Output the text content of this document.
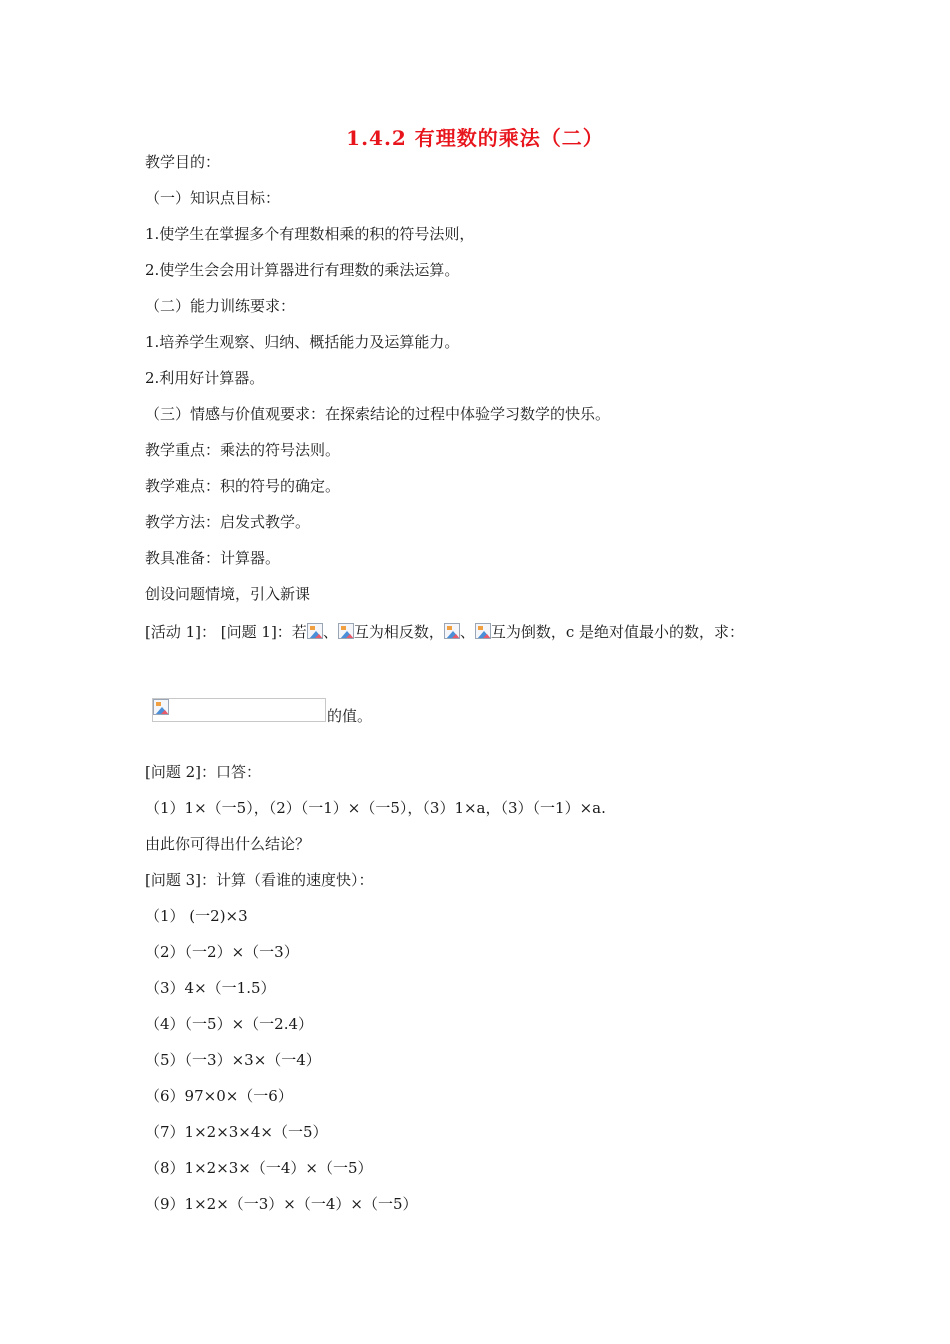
1.4.2 有理数的乘法（二）
教学目的：
（一）知识点目标：
1.使学生在掌握多个有理数相乘的积的符号法则，
2.使学生会会用计算器进行有理数的乘法运算。
（二）能力训练要求：
1.培养学生观察、归纳、概括能力及运算能力。
2.利用好计算器。
（三）情感与价值观要求：在探索结论的过程中体验学习数学的快乐。
教学重点：乘法的符号法则。
教学难点：积的符号的确定。
教学方法：启发式教学。
教具准备：计算器。
创设问题情境，引入新课
[活动 1]： [问题 1]：若 、 互为相反数， 、 互为倒数，c 是绝对值最小的数，求：
的值。
[问题 2]：口答：
（1）1×（一5），（2）（一1）×（一5），（3）1×a，（3）（一1）×a.
由此你可得出什么结论？
[问题 3]：计算（看谁的速度快）：
（1） (一2)×3
（2）（一2）×（一3）
（3）4×（一1.5）
（4）（一5）×（一2.4）
（5）（一3）×3×（一4）
（6）97×0×（一6）
（7）1×2×3×4×（一5）
（8）1×2×3×（一4）×（一5）
（9）1×2×（一3）×（一4）×（一5）
